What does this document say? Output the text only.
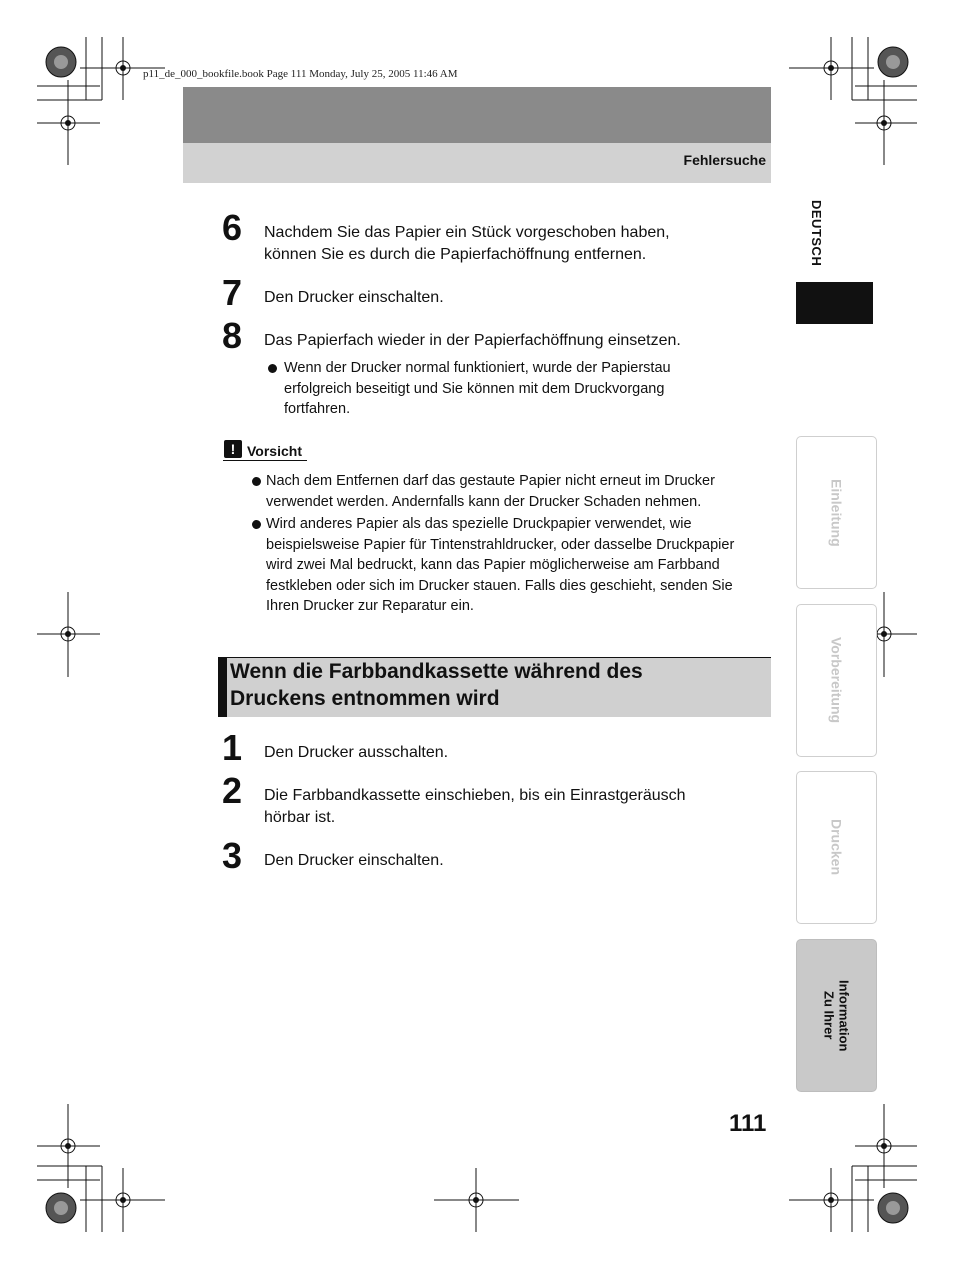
p11_de_000_bookfile.book Page 111 Monday, July 25, 2005 11:46 AM
Fehlersuche
DEUTSCH
Einleitung
Vorbereitung
Drucken
Zu Ihrer Information
6 Nachdem Sie das Papier ein Stück vorgeschoben haben,
können Sie es durch die Papierfachöffnung entfernen.
7 Den Drucker einschalten.
8 Das Papierfach wieder in der Papierfachöffnung einsetzen.
Wenn der Drucker normal funktioniert, wurde der Papierstau
erfolgreich beseitigt und Sie können mit dem Druckvorgang
fortfahren.
! Vorsicht
Nach dem Entfernen darf das gestaute Papier nicht erneut im Drucker
verwendet werden. Andernfalls kann der Drucker Schaden nehmen.
Wird anderes Papier als das spezielle Druckpapier verwendet, wie
beispielsweise Papier für Tintenstrahldrucker, oder dasselbe Druckpapier
wird zwei Mal bedruckt, kann das Papier möglicherweise am Farbband
festkleben oder sich im Drucker stauen. Falls dies geschieht, senden Sie
Ihren Drucker zur Reparatur ein.
Wenn die Farbbandkassette während des
Druckens entnommen wird
1 Den Drucker ausschalten.
2 Die Farbbandkassette einschieben, bis ein Einrastgeräusch
hörbar ist.
3 Den Drucker einschalten.
111
